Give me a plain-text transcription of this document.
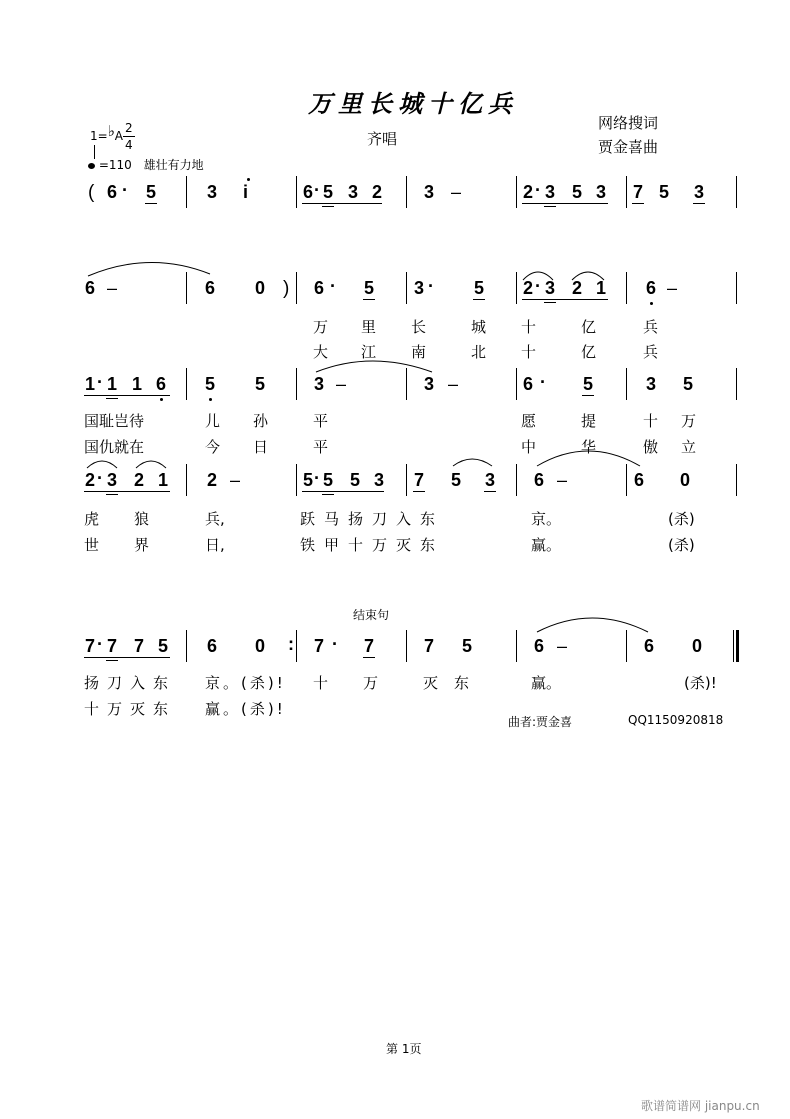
万里长城十亿兵
齐唱
网络搜词
贾金喜曲
1=♭A
2
4
=110 雄壮有力地
( 6 · 5	3 i	6 · 5 3 2 3 –	2 · 3 5 3 7 5 3
6 –	6 0 ) 6 · 5 3 · 5 2 · 3 2 1 6 –
万 里 长	城 十	亿	兵
大 江 南	北 十	亿	兵
1 · 1 1 6 5 5	3 –	3 –	6 · 5	3 5
国耻岂待	儿 孙	平	愿	提	十 万
国仇就在	今 日	平	中	华	傲 立
2 · 3 2 1 2 –	5 · 5 5 3 7 5 3 6 –	6 0
虎 狼	兵,	跃马扬刀入东	京。	(杀)
世 界	日,	铁甲十万灭东	赢。	(杀)
结束句
7 · 7 7 5 6 0 : 7 · 7	7 5	6 –	6 0
扬刀入东 京。(杀)! 十 万	灭东	赢。	(杀)!
十万灭东 赢。(杀)!
曲者:贾金喜	QQ1150920818
第 1页
歌谱简谱网 jianpu.cn
